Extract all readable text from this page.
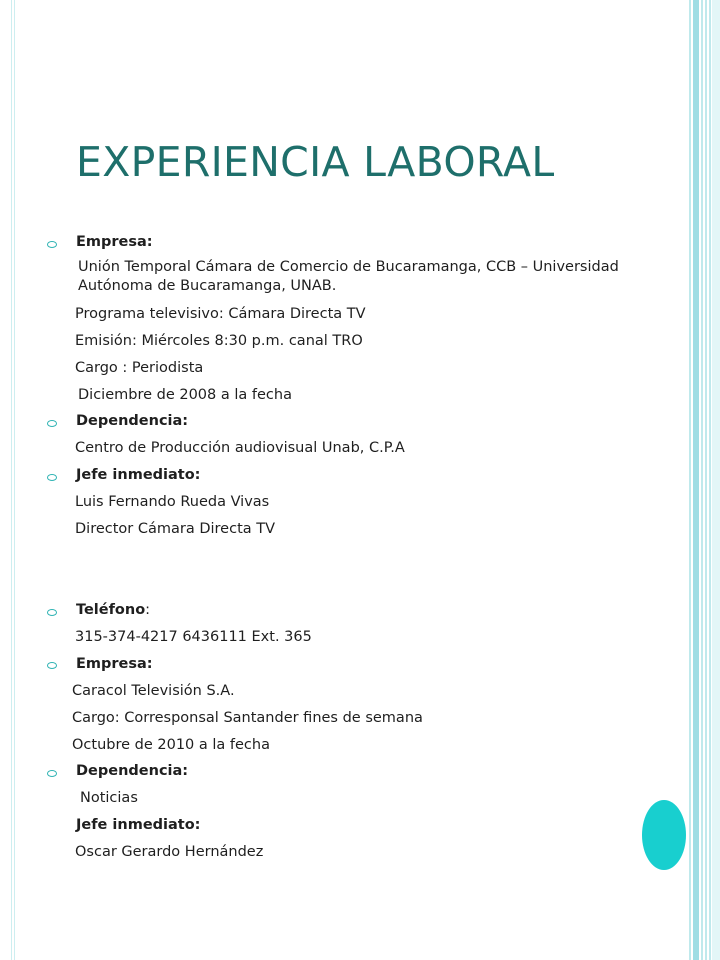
EXPERIENCIA LABORAL
Empresa:
Unión Temporal Cámara de Comercio de Bucaramanga, CCB – Universidad
Autónoma de Bucaramanga, UNAB.
Programa televisivo: Cámara Directa TV
Emisión: Miércoles 8:30 p.m. canal TRO
Cargo : Periodista
Diciembre de 2008 a la fecha
Dependencia:
Centro de Producción audiovisual Unab, C.P.A
Jefe inmediato:
Luis Fernando Rueda Vivas
Director Cámara Directa TV
Teléfono:
315-374-4217 6436111 Ext. 365
Empresa:
Caracol Televisión S.A.
Cargo: Corresponsal Santander fines de semana
Octubre de 2010 a la fecha
Dependencia:
Noticias
Jefe inmediato:
Oscar Gerardo Hernández
